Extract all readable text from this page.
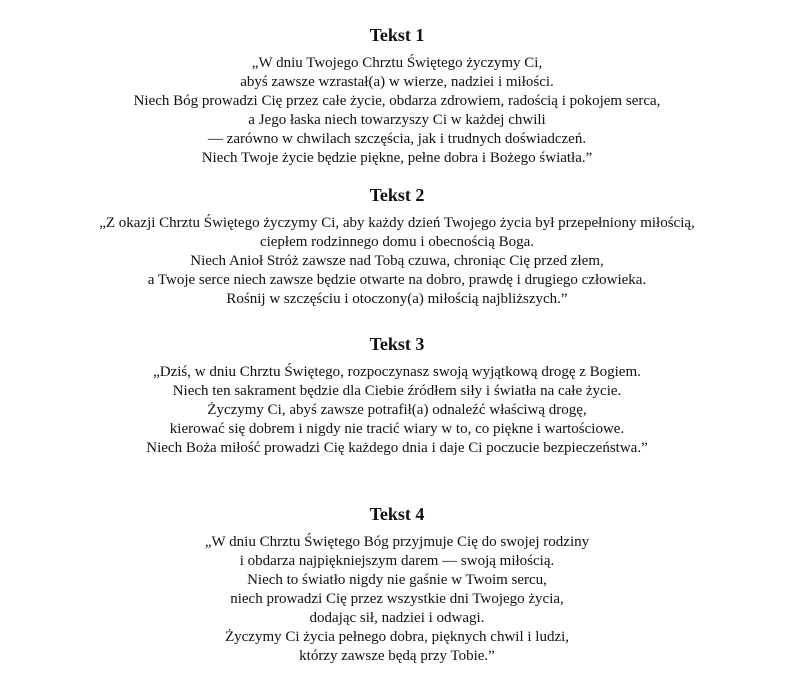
Tekst 1
„W dniu Twojego Chrztu Świętego życzymy Ci,
abyś zawsze wzrastał(a) w wierze, nadziei i miłości.
Niech Bóg prowadzi Cię przez całe życie, obdarza zdrowiem, radością i pokojem serca,
a Jego łaska niech towarzyszy Ci w każdej chwili
— zarówno w chwilach szczęścia, jak i trudnych doświadczeń.
Niech Twoje życie będzie piękne, pełne dobra i Bożego światła.”
Tekst 2
„Z okazji Chrztu Świętego życzymy Ci, aby każdy dzień Twojego życia był przepełniony miłością,
ciepłem rodzinnego domu i obecnością Boga.
Niech Anioł Stróż zawsze nad Tobą czuwa, chroniąc Cię przed złem,
a Twoje serce niech zawsze będzie otwarte na dobro, prawdę i drugiego człowieka.
Rośnij w szczęściu i otoczony(a) miłością najbliższych.”
Tekst 3
„Dziś, w dniu Chrztu Świętego, rozpoczynasz swoją wyjątkową drogę z Bogiem.
Niech ten sakrament będzie dla Ciebie źródłem siły i światła na całe życie.
Życzymy Ci, abyś zawsze potrafił(a) odnaleźć właściwą drogę,
kierować się dobrem i nigdy nie tracić wiary w to, co piękne i wartościowe.
Niech Boża miłość prowadzi Cię każdego dnia i daje Ci poczucie bezpieczeństwa.”
Tekst 4
„W dniu Chrztu Świętego Bóg przyjmuje Cię do swojej rodziny
i obdarza najpiękniejszym darem — swoją miłością.
Niech to światło nigdy nie gaśnie w Twoim sercu,
niech prowadzi Cię przez wszystkie dni Twojego życia,
dodając sił, nadziei i odwagi.
Życzymy Ci życia pełnego dobra, pięknych chwil i ludzi,
którzy zawsze będą przy Tobie.”
